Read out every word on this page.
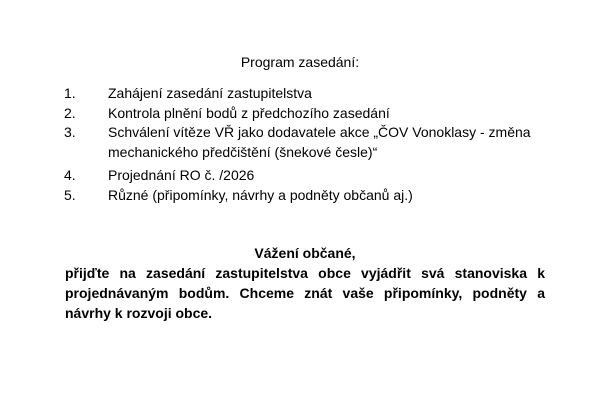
Program zasedání:
1. Zahájení zasedání zastupitelstva
2. Kontrola plnění bodů z předchozího zasedání
3. Schválení vítěze VŘ jako dodavatele akce „ČOV Vonoklasy - změna mechanického předčištění (šnekové česle)“
4. Projednání RO č. /2026
5. Různé (připomínky, návrhy a podněty občanů aj.)
Vážení občané,
přijďte na zasedání zastupitelstva obce vyjádřit svá stanoviska k projednávaným bodům. Chceme znát vaše připomínky, podněty a návrhy k rozvoji obce.
